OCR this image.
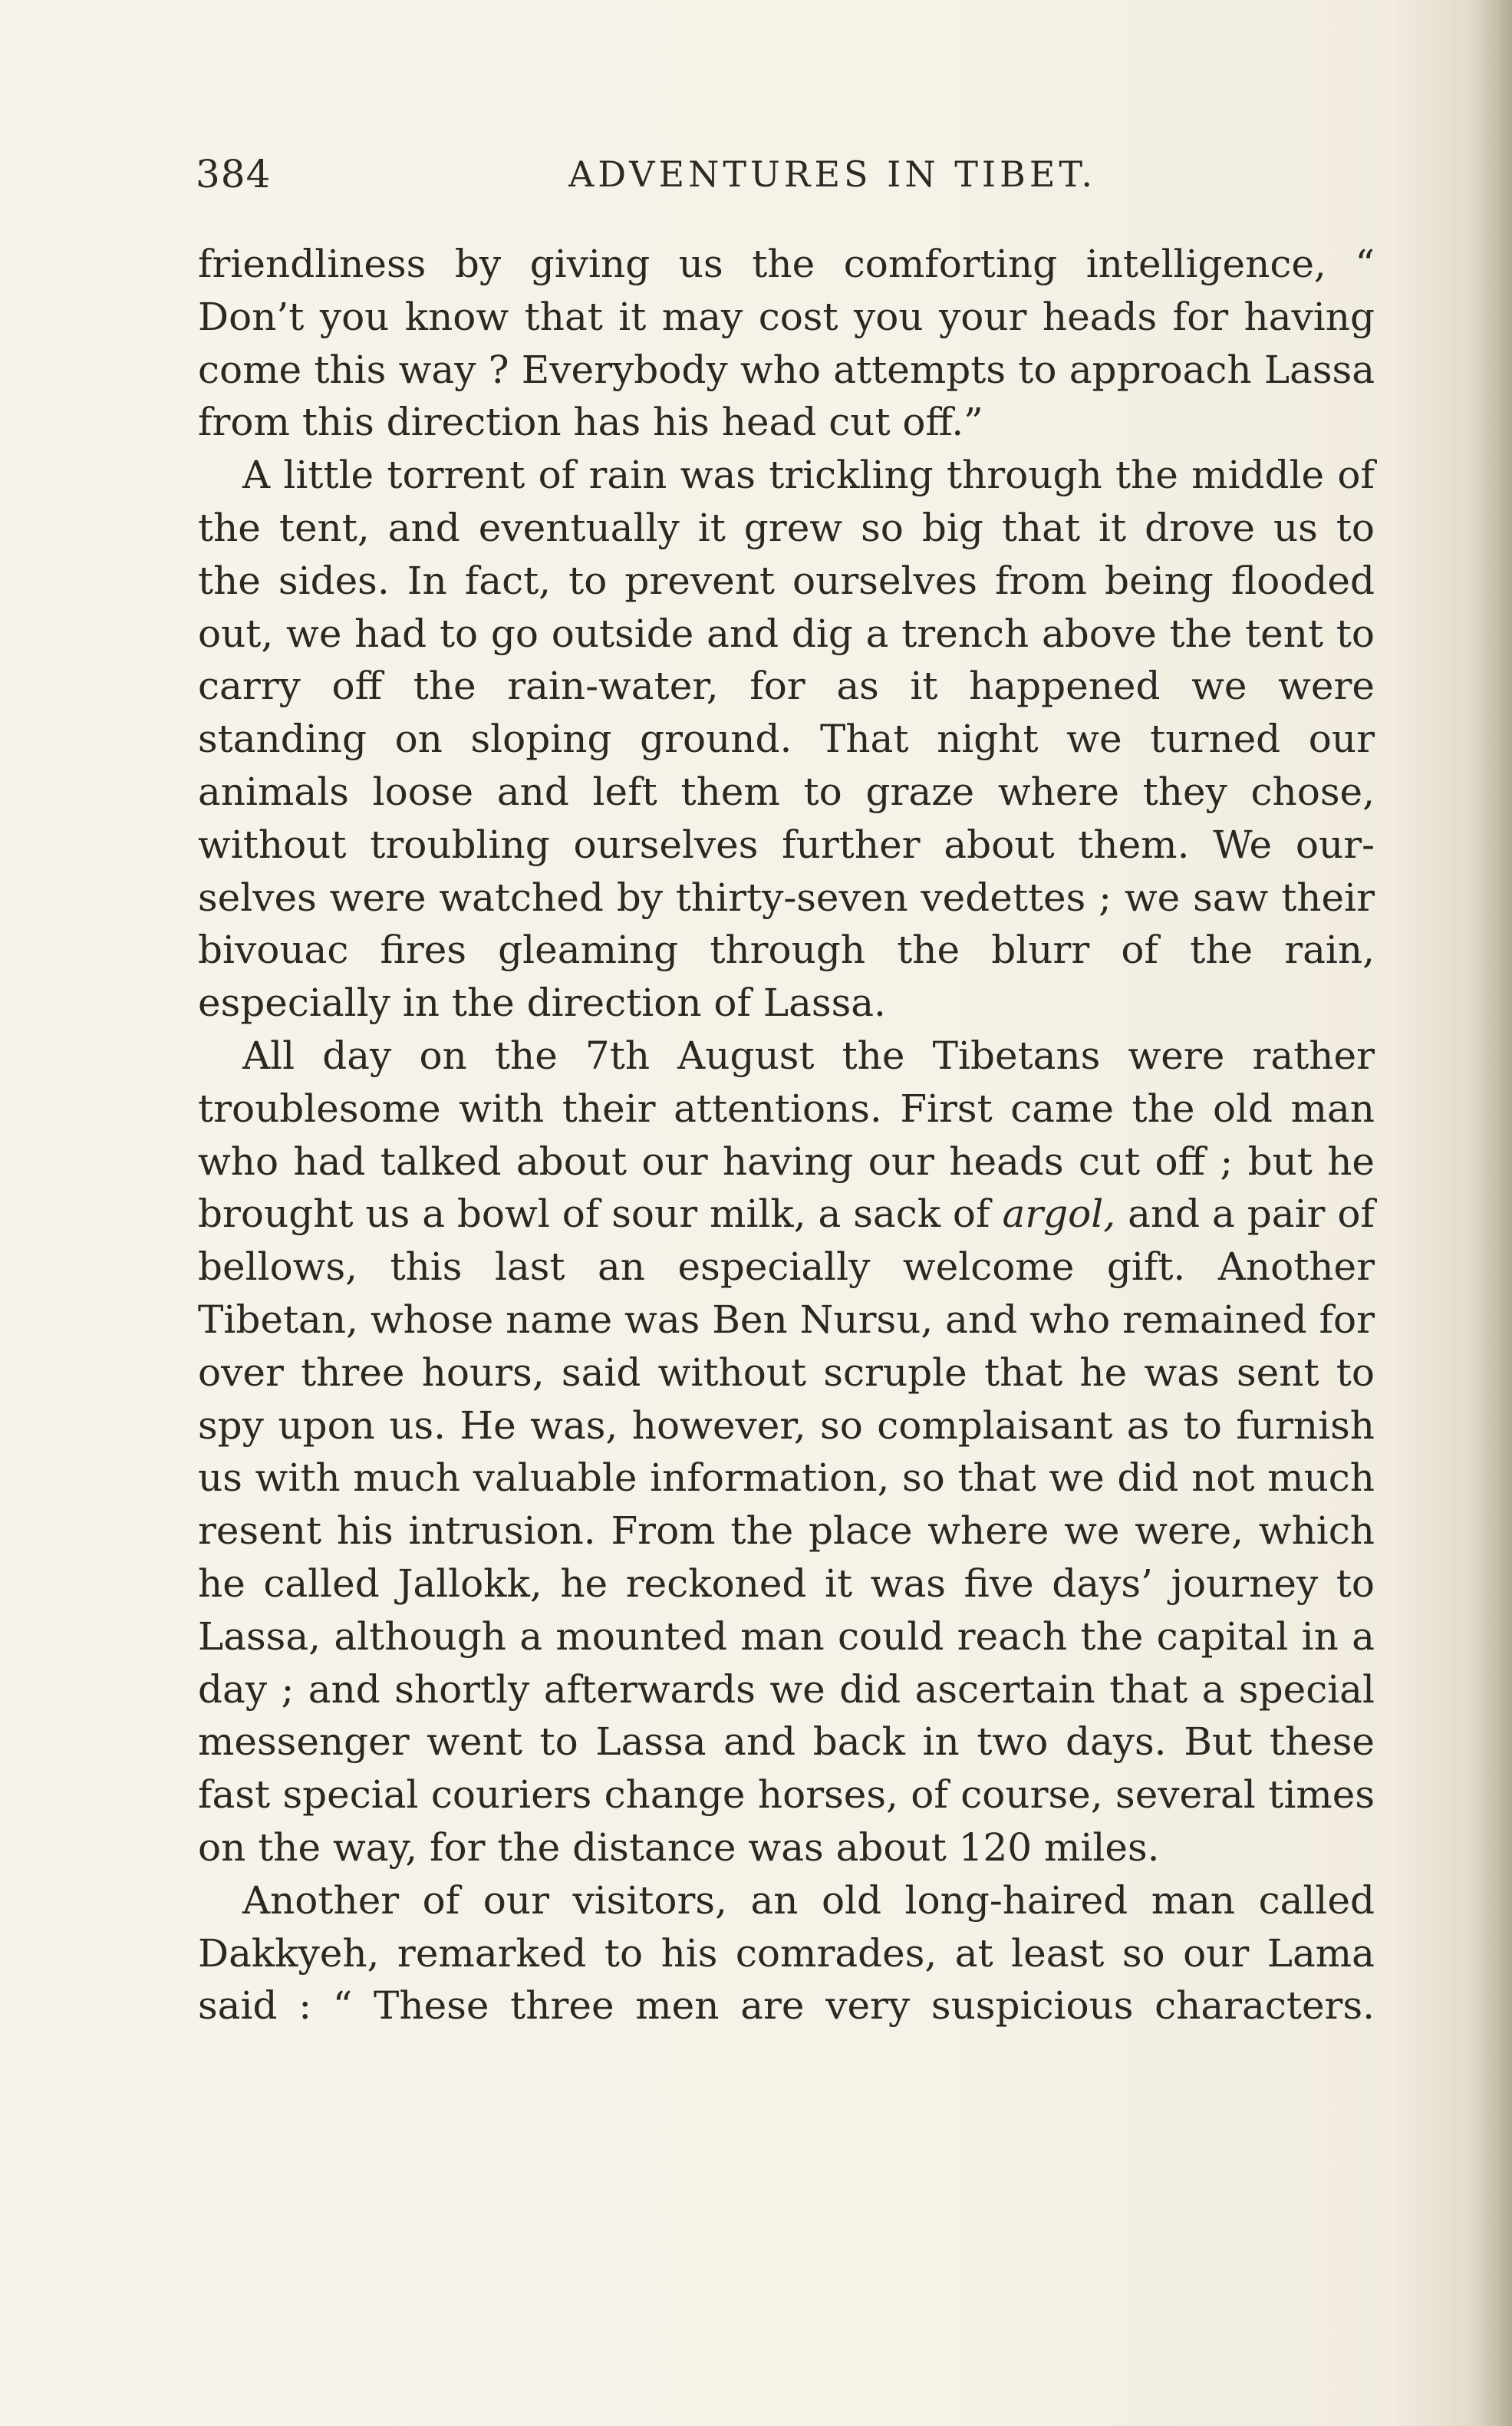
384	ADVENTURES IN TIBET.

friendliness by giving us the comforting intelligence, “ Don’t you know that it may cost you your heads for having come this way ? Everybody who attempts to approach Lassa from this direction has his head cut off.”

A little torrent of rain was trickling through the middle of the tent, and eventually it grew so big that it drove us to the sides. In fact, to prevent ourselves from being flooded out, we had to go outside and dig a trench above the tent to carry off the rain-water, for as it happened we were standing on sloping ground. That night we turned our animals loose and left them to graze where they chose, without troubling ourselves further about them. We our-selves were watched by thirty-seven vedettes ; we saw their bivouac fires gleaming through the blurr of the rain, especially in the direction of Lassa.

All day on the 7th August the Tibetans were rather troublesome with their attentions. First came the old man who had talked about our having our heads cut off ; but he brought us a bowl of sour milk, a sack of argol, and a pair of bellows, this last an especially welcome gift. Another Tibetan, whose name was Ben Nursu, and who remained for over three hours, said without scruple that he was sent to spy upon us. He was, however, so complaisant as to furnish us with much valuable information, so that we did not much resent his intrusion. From the place where we were, which he called Jallokk, he reckoned it was five days’ journey to Lassa, although a mounted man could reach the capital in a day ; and shortly afterwards we did ascertain that a special messenger went to Lassa and back in two days. But these fast special couriers change horses, of course, several times on the way, for the distance was about 120 miles.

Another of our visitors, an old long-haired man called Dakkyeh, remarked to his comrades, at least so our Lama said : “ These three men are very suspicious characters.
